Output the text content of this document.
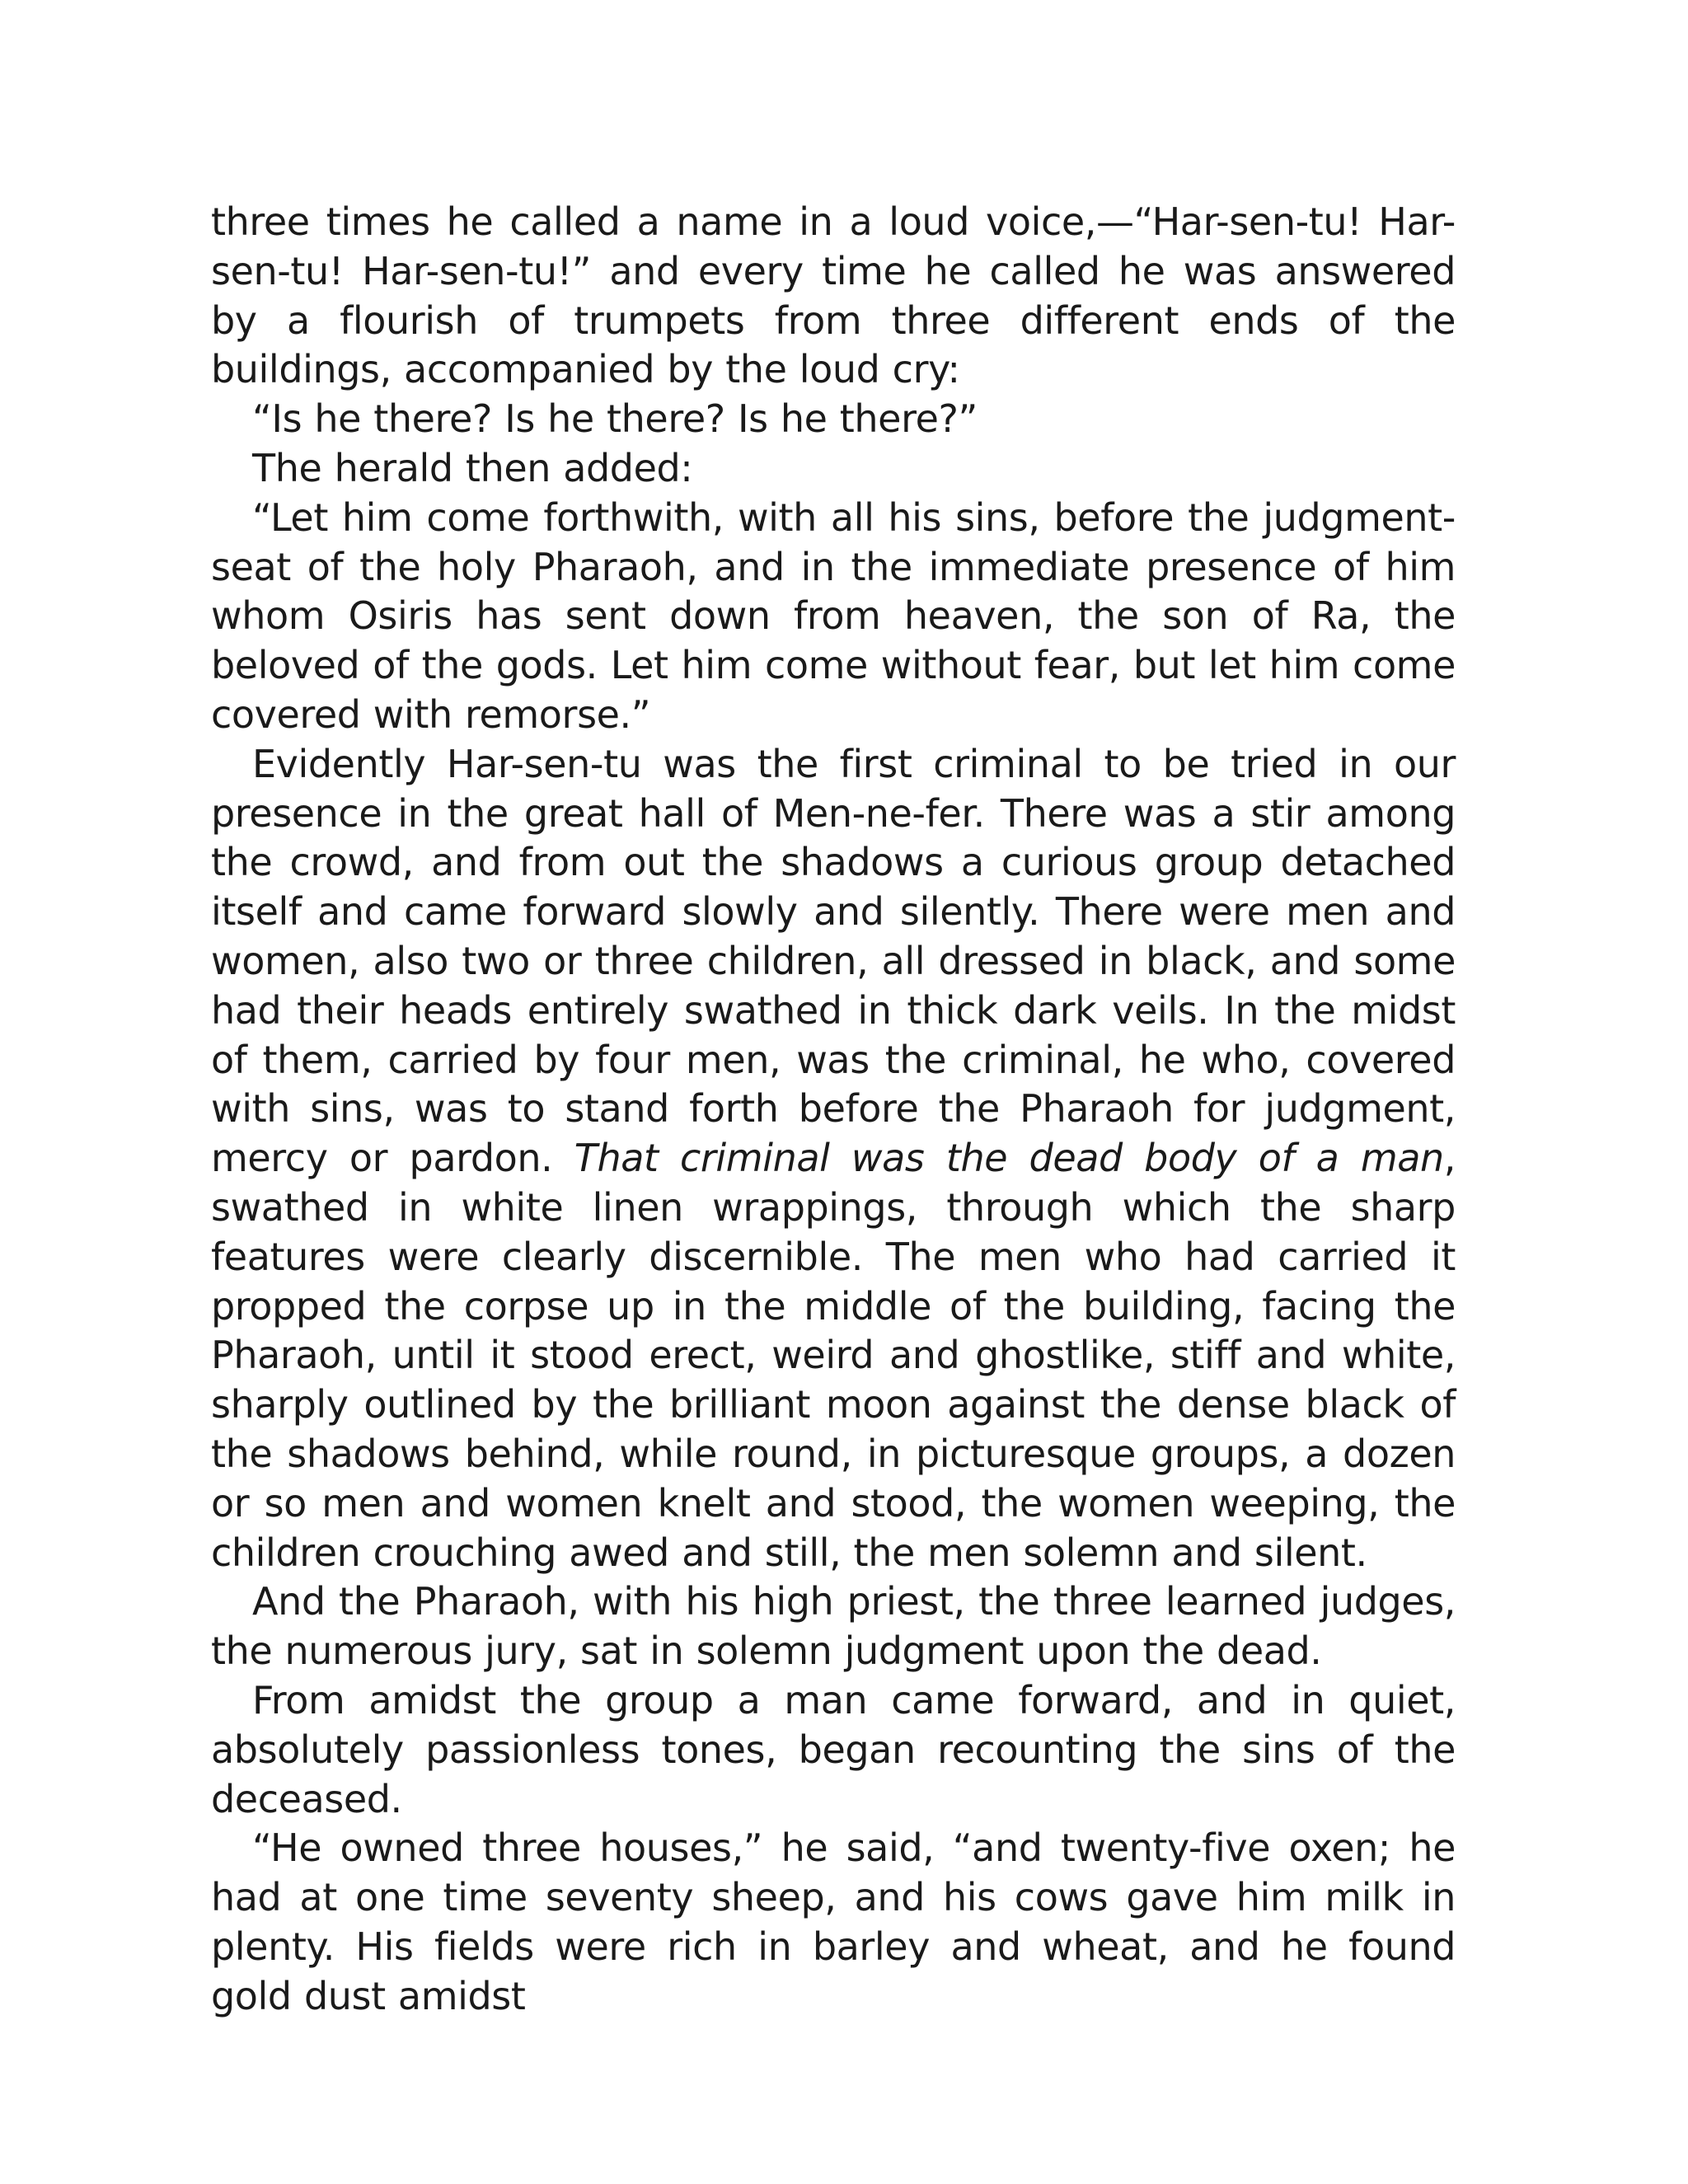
three times he called a name in a loud voice,—“Har-sen-tu! Har-sen-tu! Har-sen-tu!” and every time he called he was answered by a flourish of trumpets from three different ends of the buildings, accompanied by the loud cry:

“Is he there? Is he there? Is he there?”

The herald then added:

“Let him come forthwith, with all his sins, before the judgment-seat of the holy Pharaoh, and in the immediate presence of him whom Osiris has sent down from heaven, the son of Ra, the beloved of the gods. Let him come without fear, but let him come covered with remorse.”

Evidently Har-sen-tu was the first criminal to be tried in our presence in the great hall of Men-ne-fer. There was a stir among the crowd, and from out the shadows a curious group detached itself and came forward slowly and silently. There were men and women, also two or three children, all dressed in black, and some had their heads entirely swathed in thick dark veils. In the midst of them, carried by four men, was the criminal, he who, covered with sins, was to stand forth before the Pharaoh for judgment, mercy or pardon. That criminal was the dead body of a man, swathed in white linen wrappings, through which the sharp features were clearly discernible. The men who had carried it propped the corpse up in the middle of the building, facing the Pharaoh, until it stood erect, weird and ghostlike, stiff and white, sharply outlined by the brilliant moon against the dense black of the shadows behind, while round, in picturesque groups, a dozen or so men and women knelt and stood, the women weeping, the children crouching awed and still, the men solemn and silent.

And the Pharaoh, with his high priest, the three learned judges, the numerous jury, sat in solemn judgment upon the dead.

From amidst the group a man came forward, and in quiet, absolutely passionless tones, began recounting the sins of the deceased.

“He owned three houses,” he said, “and twenty-five oxen; he had at one time seventy sheep, and his cows gave him milk in plenty. His fields were rich in barley and wheat, and he found gold dust amidst
